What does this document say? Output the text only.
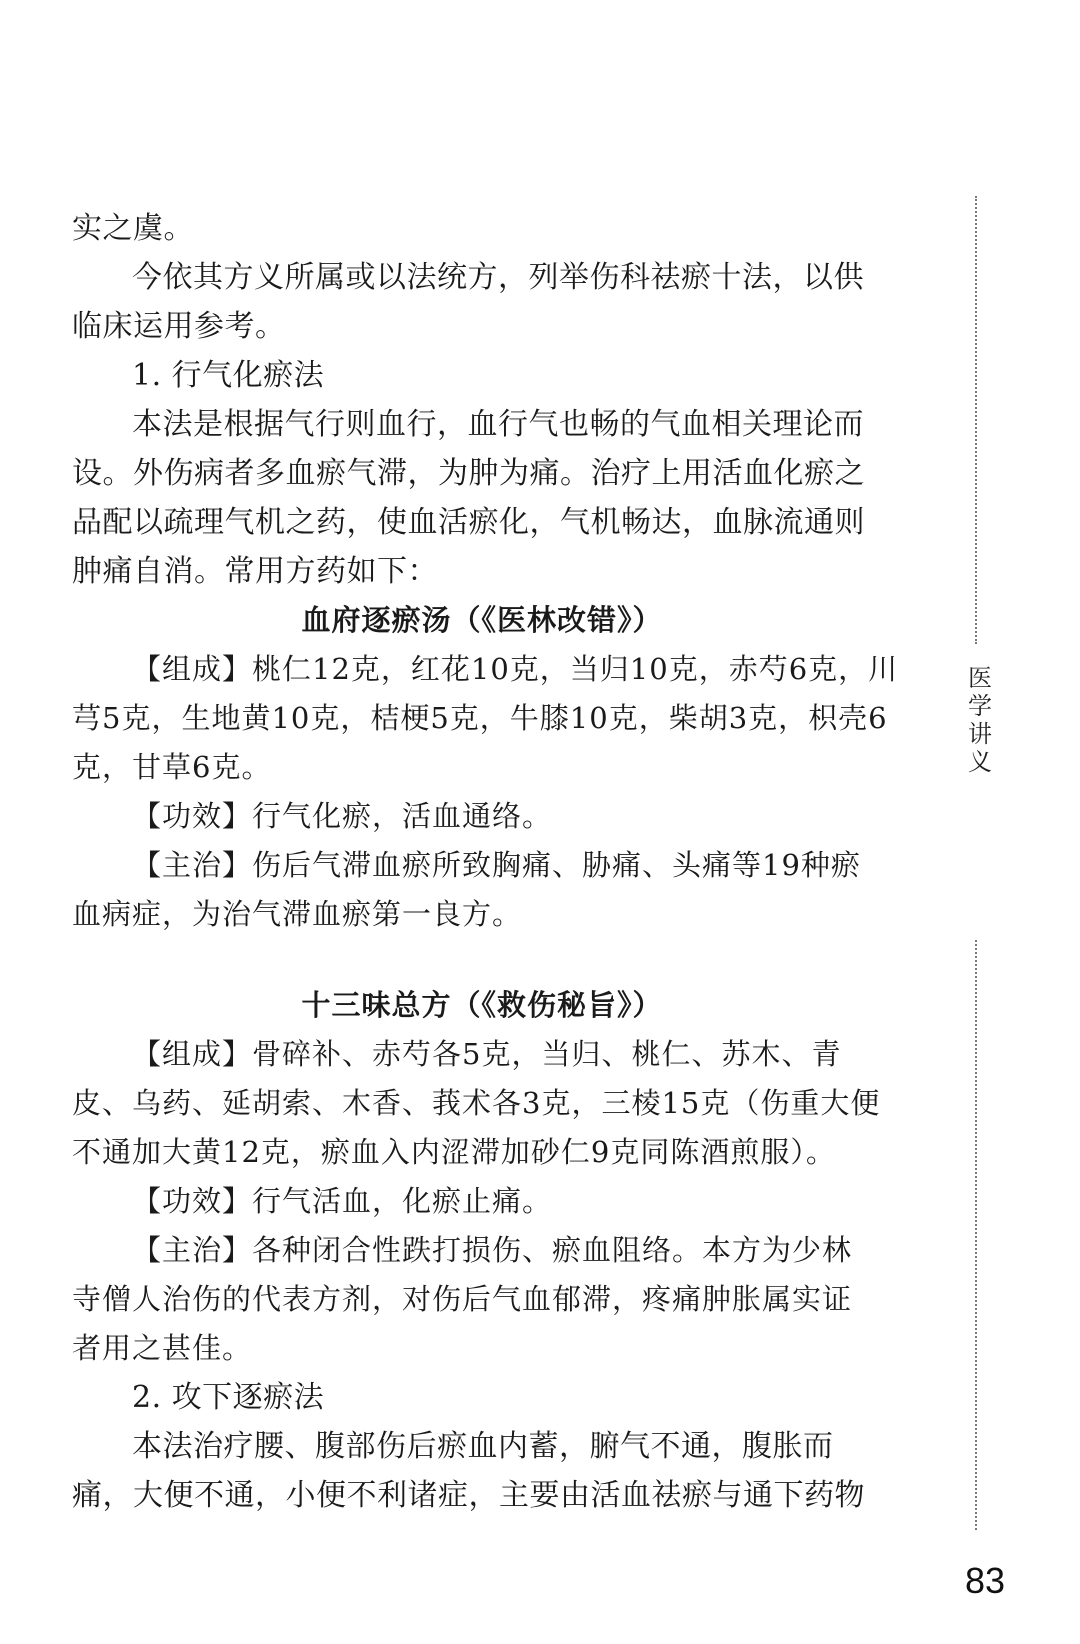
实之虞。
今依其方义所属或以法统方，列举伤科祛瘀十法，以供
临床运用参考。
1. 行气化瘀法
本法是根据气行则血行，血行气也畅的气血相关理论而
设。外伤病者多血瘀气滞，为肿为痛。治疗上用活血化瘀之
品配以疏理气机之药，使血活瘀化，气机畅达，血脉流通则
肿痛自消。常用方药如下：
血府逐瘀汤（《医林改错》）
【组成】桃仁12克，红花10克，当归10克，赤芍6克，川
芎5克，生地黄10克，桔梗5克，牛膝10克，柴胡3克，枳壳6
克，甘草6克。
【功效】行气化瘀，活血通络。
【主治】伤后气滞血瘀所致胸痛、胁痛、头痛等19种瘀
血病症，为治气滞血瘀第一良方。
十三味总方（《救伤秘旨》）
【组成】骨碎补、赤芍各5克，当归、桃仁、苏木、青
皮、乌药、延胡索、木香、莪术各3克，三棱15克（伤重大便
不通加大黄12克，瘀血入内涩滞加砂仁9克同陈酒煎服）。
【功效】行气活血，化瘀止痛。
【主治】各种闭合性跌打损伤、瘀血阻络。本方为少林
寺僧人治伤的代表方剂，对伤后气血郁滞，疼痛肿胀属实证
者用之甚佳。
2. 攻下逐瘀法
本法治疗腰、腹部伤后瘀血内蓄，腑气不通，腹胀而
痛，大便不通，小便不利诸症，主要由活血祛瘀与通下药物
医
学
讲
义
83
